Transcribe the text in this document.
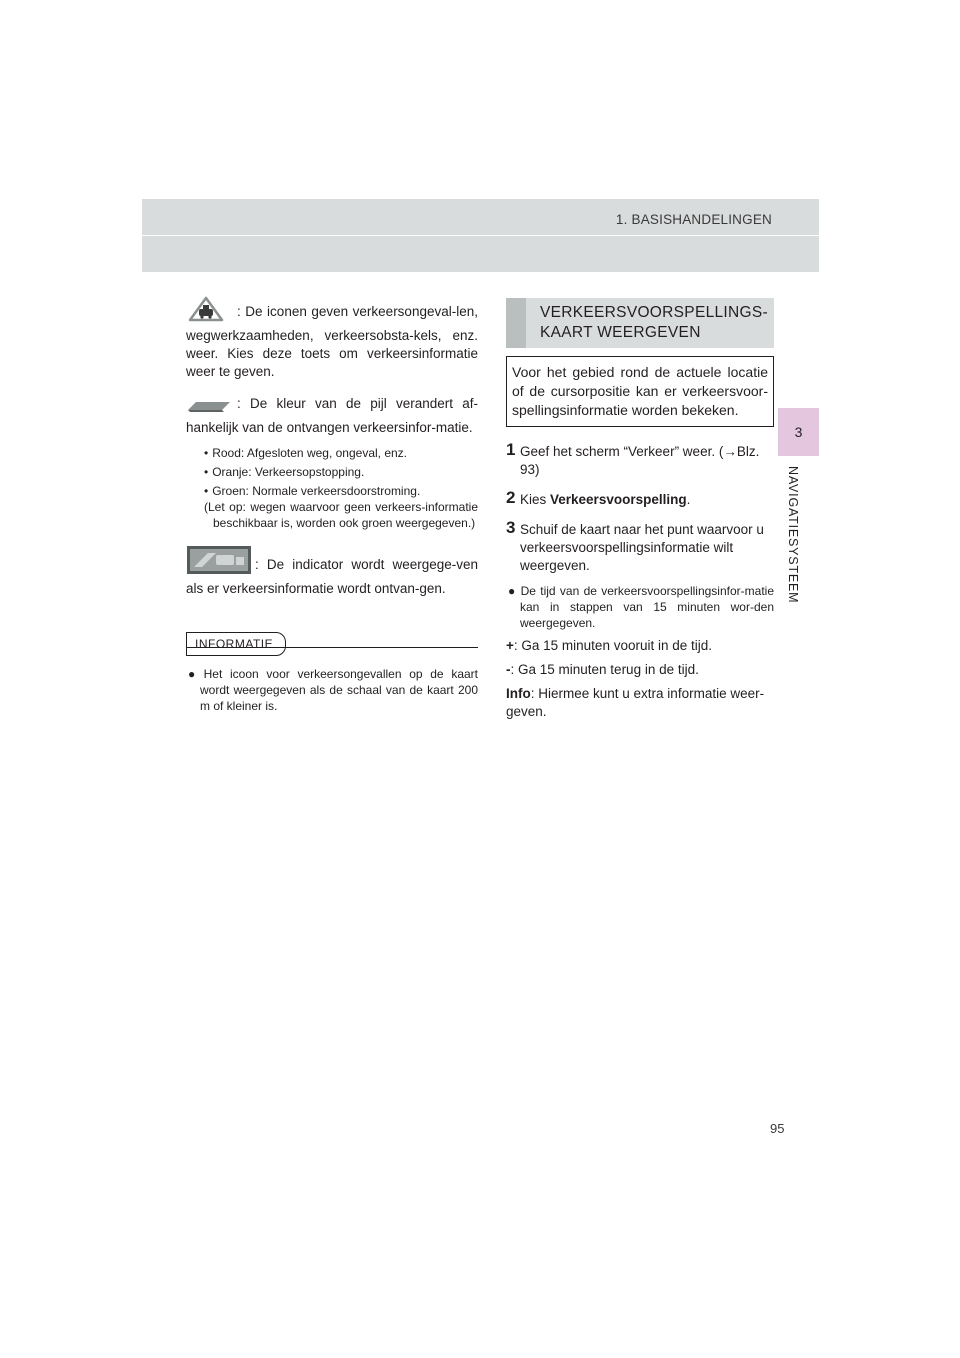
1. BASISHANDELINGEN
3
NAVIGATIESYSTEEM

: De iconen geven verkeersongeval-len, wegwerkzaamheden, verkeersobsta-kels, enz. weer. Kies deze toets om verkeersinformatie weer te geven.

: De kleur van de pijl verandert af-hankelijk van de ontvangen verkeersinfor-matie.

• Rood: Afgesloten weg, ongeval, enz.
• Oranje: Verkeersopstopping.
• Groen: Normale verkeersdoorstroming.
(Let op: wegen waarvoor geen verkeers-informatie beschikbaar is, worden ook groen weergegeven.)

: De indicator wordt weergege-ven als er verkeersinformatie wordt ontvan-gen.

INFORMATIE

● Het icoon voor verkeersongevallen op de kaart wordt weergegeven als de schaal van de kaart 200 m of kleiner is.

VERKEERSVOORSPELLINGS-
KAART WEERGEVEN
Voor het gebied rond de actuele locatie of de cursorpositie kan er verkeersvoor-spellingsinformatie worden bekeken.
1 Geef het scherm “Verkeer” weer. (→Blz. 93)
2 Kies Verkeersvoorspelling.
3 Schuif de kaart naar het punt waarvoor u verkeersvoorspellingsinformatie wilt weergeven.
● De tijd van de verkeersvoorspellingsinfor-matie kan in stappen van 15 minuten wor-den weergegeven.
+: Ga 15 minuten vooruit in de tijd.
-: Ga 15 minuten terug in de tijd.
Info: Hiermee kunt u extra informatie weer-geven.
95
